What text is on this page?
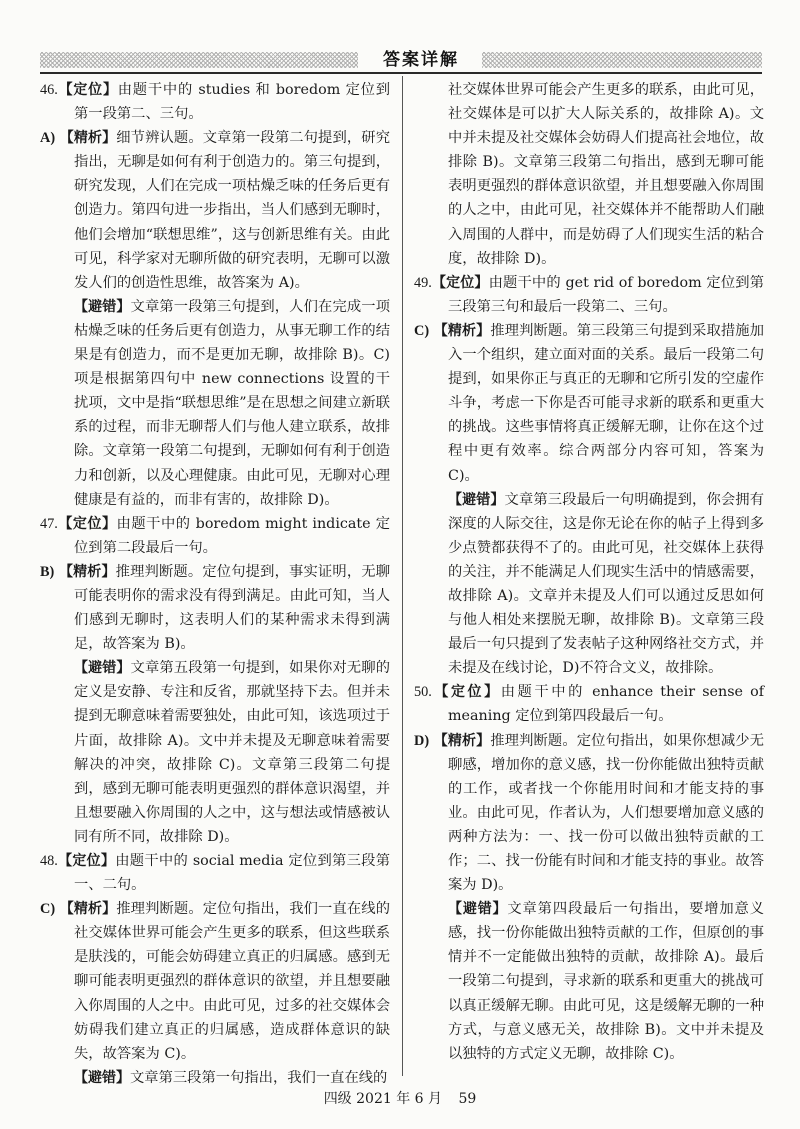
答案详解

46.【定位】由题干中的 studies 和 boredom 定位到第一段第二、三句。

A) 【精析】细节辨认题。文章第一段第二句提到，研究指出，无聊是如何有利于创造力的。第三句提到，研究发现，人们在完成一项枯燥乏味的任务后更有创造力。第四句进一步指出，当人们感到无聊时，他们会增加“联想思维”，这与创新思维有关。由此可见，科学家对无聊所做的研究表明，无聊可以激发人们的创造性思维，故答案为 A)。

【避错】文章第一段第三句提到，人们在完成一项枯燥乏味的任务后更有创造力，从事无聊工作的结果是有创造力，而不是更加无聊，故排除 B)。C)项是根据第四句中 new connections 设置的干扰项，文中是指“联想思维”是在思想之间建立新联系的过程，而非无聊帮人们与他人建立联系，故排除。文章第一段第二句提到，无聊如何有利于创造力和创新，以及心理健康。由此可见，无聊对心理健康是有益的，而非有害的，故排除 D)。

47.【定位】由题干中的 boredom might indicate 定位到第二段最后一句。

B) 【精析】推理判断题。定位句提到，事实证明，无聊可能表明你的需求没有得到满足。由此可知，当人们感到无聊时，这表明人们的某种需求未得到满足，故答案为 B)。

【避错】文章第五段第一句提到，如果你对无聊的定义是安静、专注和反省，那就坚持下去。但并未提到无聊意味着需要独处，由此可知，该选项过于片面，故排除 A)。文中并未提及无聊意味着需要解决的冲突，故排除 C)。文章第三段第二句提到，感到无聊可能表明更强烈的群体意识渴望，并且想要融入你周围的人之中，这与想法或情感被认同有所不同，故排除 D)。

48.【定位】由题干中的 social media 定位到第三段第一、二句。

C) 【精析】推理判断题。定位句指出，我们一直在线的社交媒体世界可能会产生更多的联系，但这些联系是肤浅的，可能会妨碍建立真正的归属感。感到无聊可能表明更强烈的群体意识的欲望，并且想要融入你周围的人之中。由此可见，过多的社交媒体会妨碍我们建立真正的归属感，造成群体意识的缺失，故答案为 C)。

【避错】文章第三段第一句指出，我们一直在线的

社交媒体世界可能会产生更多的联系，由此可见，社交媒体是可以扩大人际关系的，故排除 A)。文中并未提及社交媒体会妨碍人们提高社会地位，故排除 B)。文章第三段第二句指出，感到无聊可能表明更强烈的群体意识欲望，并且想要融入你周围的人之中，由此可见，社交媒体并不能帮助人们融入周围的人群中，而是妨碍了人们现实生活的粘合度，故排除 D)。

49.【定位】由题干中的 get rid of boredom 定位到第三段第三句和最后一段第二、三句。

C) 【精析】推理判断题。第三段第三句提到采取措施加入一个组织，建立面对面的关系。最后一段第二句提到，如果你正与真正的无聊和它所引发的空虚作斗争，考虑一下你是否可能寻求新的联系和更重大的挑战。这些事情将真正缓解无聊，让你在这个过程中更有效率。综合两部分内容可知，答案为 C)。

【避错】文章第三段最后一句明确提到，你会拥有深度的人际交往，这是你无论在你的帖子上得到多少点赞都获得不了的。由此可见，社交媒体上获得的关注，并不能满足人们现实生活中的情感需要，故排除 A)。文章并未提及人们可以通过反思如何与他人相处来摆脱无聊，故排除 B)。文章第三段最后一句只提到了发表帖子这种网络社交方式，并未提及在线讨论，D)不符合文义，故排除。

50.【定位】由题干中的 enhance their sense of meaning 定位到第四段最后一句。

D) 【精析】推理判断题。定位句指出，如果你想减少无聊感，增加你的意义感，找一份你能做出独特贡献的工作，或者找一个你能用时间和才能支持的事业。由此可见，作者认为，人们想要增加意义感的两种方法为：一、找一份可以做出独特贡献的工作；二、找一份能有时间和才能支持的事业。故答案为 D)。

【避错】文章第四段最后一句指出，要增加意义感，找一份你能做出独特贡献的工作，但原创的事情并不一定能做出独特的贡献，故排除 A)。最后一段第二句提到，寻求新的联系和更重大的挑战可以真正缓解无聊。由此可见，这是缓解无聊的一种方式，与意义感无关，故排除 B)。文中并未提及以独特的方式定义无聊，故排除 C)。

四级 2021 年 6 月 59
